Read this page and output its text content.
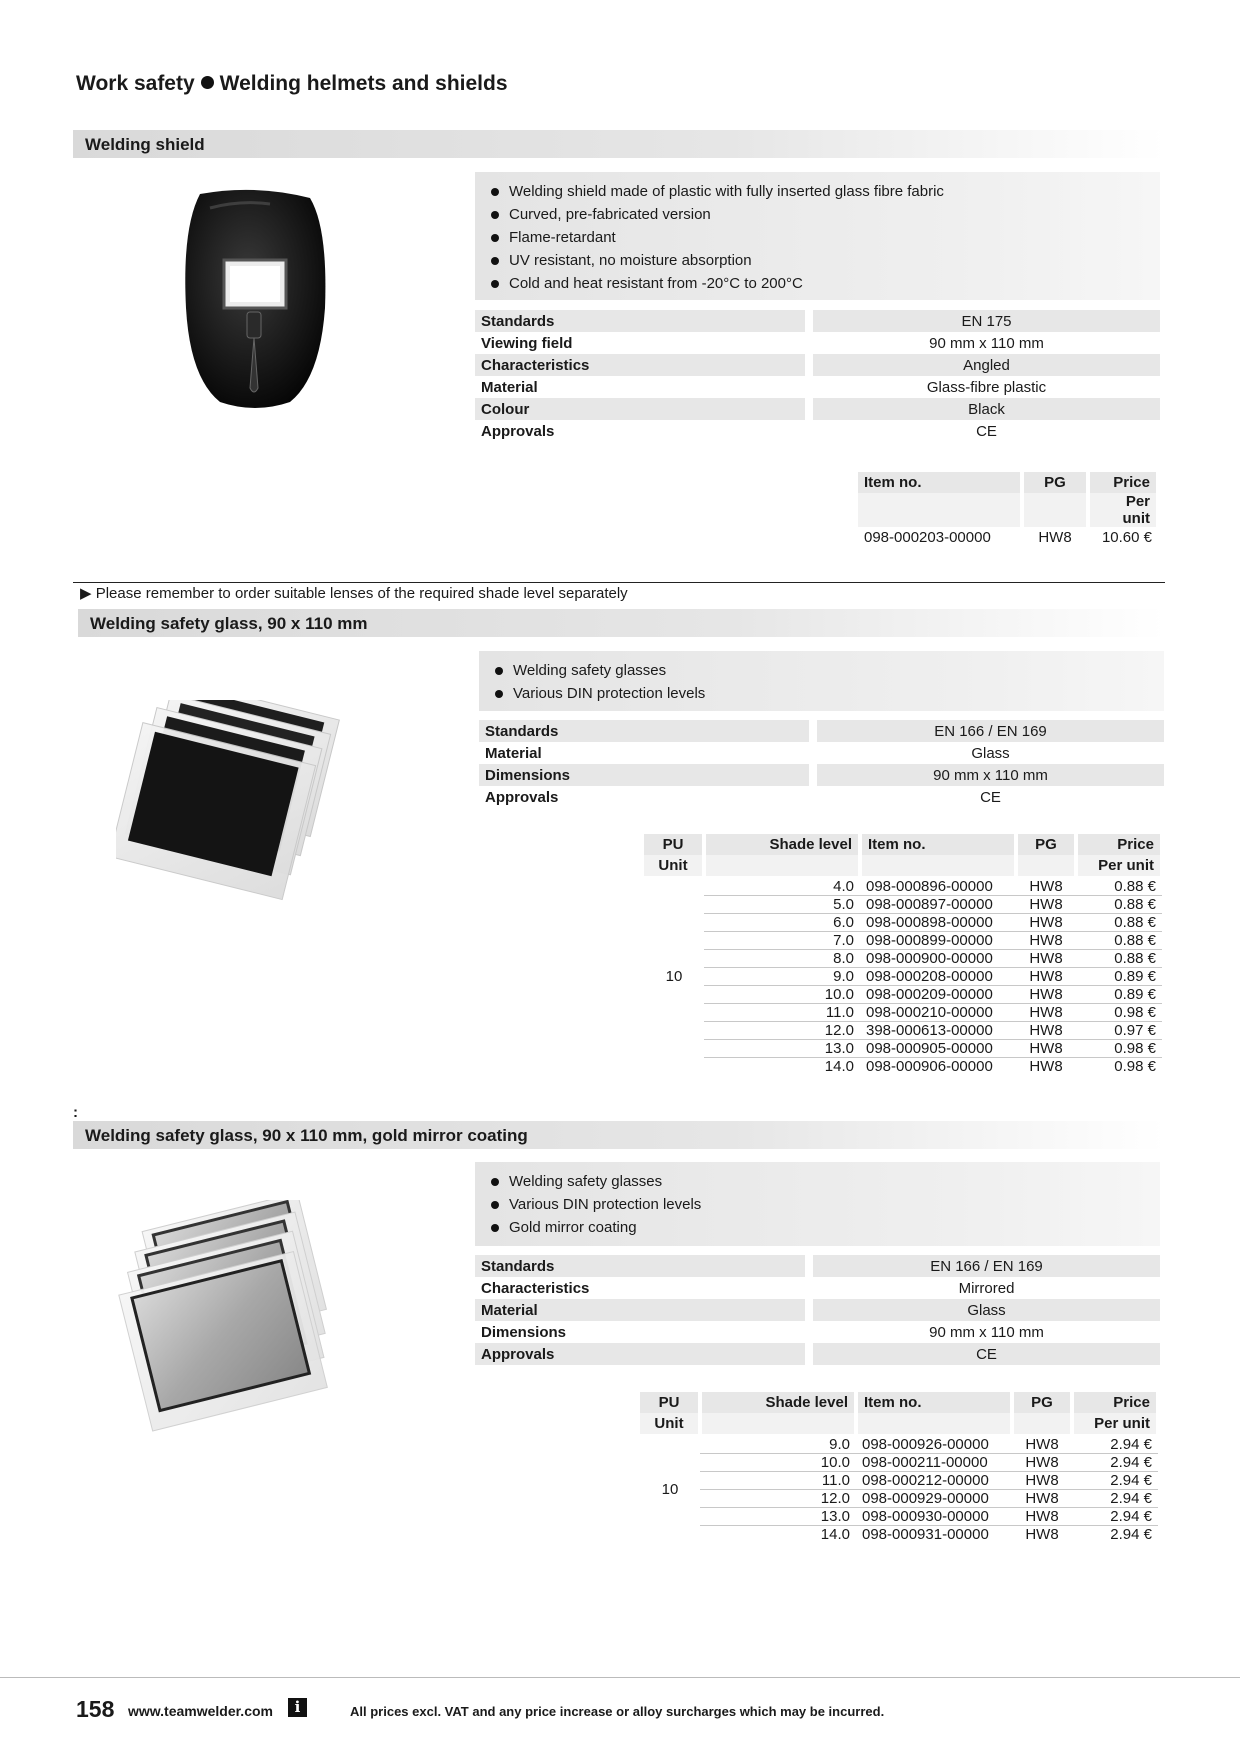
Work safety Welding helmets and shields
Welding shield
Welding shield made of plastic with fully inserted glass fibre fabric
Curved, pre-fabricated version
Flame-retardant
UV resistant, no moisture absorption
Cold and heat resistant from -20°C to 200°C
Standards		EN 175
Viewing field		90 mm x 110 mm
Characteristics		Angled
Material		Glass-fibre plastic
Colour		Black
Approvals		CE
Item no.	PG	Price
		Per unit
098-000203-00000	HW8	10.60 €
▶ Please remember to order suitable lenses of the required shade level separately
Welding safety glass, 90 x 110 mm
Welding safety glasses
Various DIN protection levels
Standards		EN 166 / EN 169
Material		Glass
Dimensions		90 mm x 110 mm
Approvals		CE
PU	Shade level	Item no.	PG	Price
Unit				Per unit
10	4.0	098-000896-00000	HW8	0.88 €
	5.0	098-000897-00000	HW8	0.88 €
	6.0	098-000898-00000	HW8	0.88 €
	7.0	098-000899-00000	HW8	0.88 €
	8.0	098-000900-00000	HW8	0.88 €
	9.0	098-000208-00000	HW8	0.89 €
	10.0	098-000209-00000	HW8	0.89 €
	11.0	098-000210-00000	HW8	0.98 €
	12.0	398-000613-00000	HW8	0.97 €
	13.0	098-000905-00000	HW8	0.98 €
	14.0	098-000906-00000	HW8	0.98 €
:
Welding safety glass, 90 x 110 mm, gold mirror coating
Welding safety glasses
Various DIN protection levels
Gold mirror coating
Standards		EN 166 / EN 169
Characteristics		Mirrored
Material		Glass
Dimensions		90 mm x 110 mm
Approvals		CE
PU	Shade level	Item no.	PG	Price
Unit				Per unit
10	9.0	098-000926-00000	HW8	2.94 €
	10.0	098-000211-00000	HW8	2.94 €
	11.0	098-000212-00000	HW8	2.94 €
	12.0	098-000929-00000	HW8	2.94 €
	13.0	098-000930-00000	HW8	2.94 €
	14.0	098-000931-00000	HW8	2.94 €
158 www.teamwelder.com	i	All prices excl. VAT and any price increase or alloy surcharges which may be incurred.
